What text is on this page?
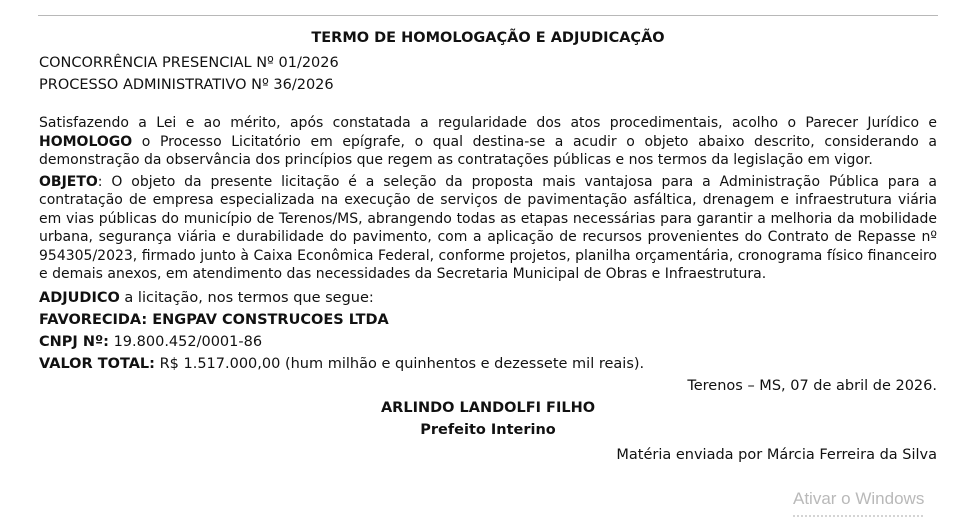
TERMO DE HOMOLOGAÇÃO E ADJUDICAÇÃO

CONCORRÊNCIA PRESENCIAL Nº 01/2026

PROCESSO ADMINISTRATIVO Nº 36/2026

Satisfazendo a Lei e ao mérito, após constatada a regularidade dos atos procedimentais, acolho o Parecer Jurídico e HOMOLOGO o Processo Licitatório em epígrafe, o qual destina-se a acudir o objeto abaixo descrito, considerando a demonstração da observância dos princípios que regem as contratações públicas e nos termos da legislação em vigor.

OBJETO: O objeto da presente licitação é a seleção da proposta mais vantajosa para a Administração Pública para a contratação de empresa especializada na execução de serviços de pavimentação asfáltica, drenagem e infraestrutura viária em vias públicas do município de Terenos/MS, abrangendo todas as etapas necessárias para garantir a melhoria da mobilidade urbana, segurança viária e durabilidade do pavimento, com a aplicação de recursos provenientes do Contrato de Repasse nº 954305/2023, firmado junto à Caixa Econômica Federal, conforme projetos, planilha orçamentária, cronograma físico financeiro e demais anexos, em atendimento das necessidades da Secretaria Municipal de Obras e Infraestrutura.

ADJUDICO a licitação, nos termos que segue:

FAVORECIDA: ENGPAV CONSTRUCOES LTDA

CNPJ Nº: 19.800.452/0001-86

VALOR TOTAL: R$ 1.517.000,00 (hum milhão e quinhentos e dezessete mil reais).

Terenos – MS, 07 de abril de 2026.

ARLINDO LANDOLFI FILHO

Prefeito Interino

Matéria enviada por Márcia Ferreira da Silva

Ativar o Windows
